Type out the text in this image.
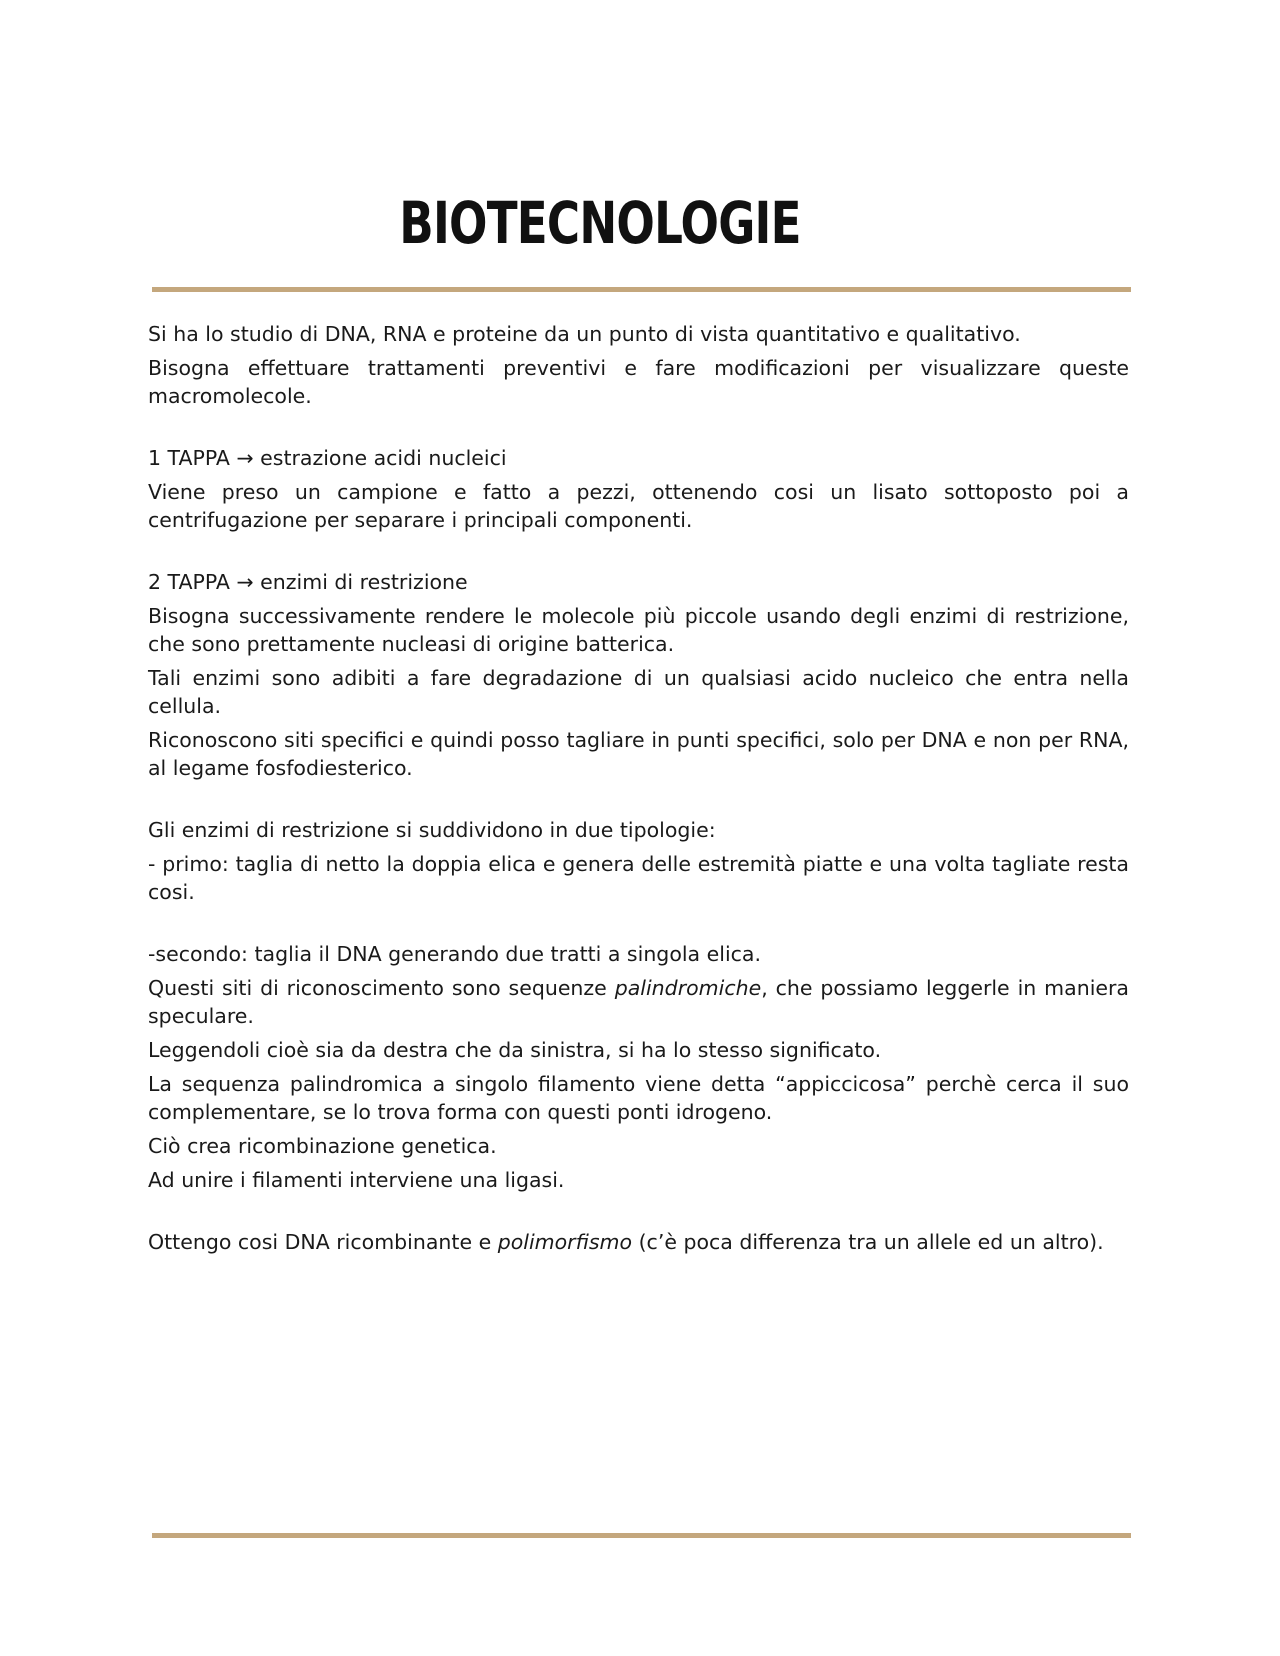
BIOTECNOLOGIE

Si ha lo studio di DNA, RNA e proteine da un punto di vista quantitativo e qualitativo.

Bisogna effettuare trattamenti preventivi e fare modificazioni per visualizzare queste macromolecole.

1 TAPPA → estrazione acidi nucleici

Viene preso un campione e fatto a pezzi, ottenendo cosi un lisato sottoposto poi a centrifugazione per separare i principali componenti.

2 TAPPA → enzimi di restrizione

Bisogna successivamente rendere le molecole più piccole usando degli enzimi di restrizione, che sono prettamente nucleasi di origine batterica.

Tali enzimi sono adibiti a fare degradazione di un qualsiasi acido nucleico che entra nella cellula.

Riconoscono siti specifici e quindi posso tagliare in punti specifici, solo per DNA e non per RNA, al legame fosfodiesterico.

Gli enzimi di restrizione si suddividono in due tipologie:

- primo: taglia di netto la doppia elica e genera delle estremità piatte e una volta tagliate resta cosi.

-secondo: taglia il DNA generando due tratti a singola elica.

Questi siti di riconoscimento sono sequenze palindromiche, che possiamo leggerle in maniera speculare.

Leggendoli cioè sia da destra che da sinistra, si ha lo stesso significato.

La sequenza palindromica a singolo filamento viene detta “appiccicosa” perchè cerca il suo complementare, se lo trova forma con questi ponti idrogeno.

Ciò crea ricombinazione genetica.

Ad unire i filamenti interviene una ligasi.

Ottengo cosi DNA ricombinante e polimorfismo (c’è poca differenza tra un allele ed un altro).
